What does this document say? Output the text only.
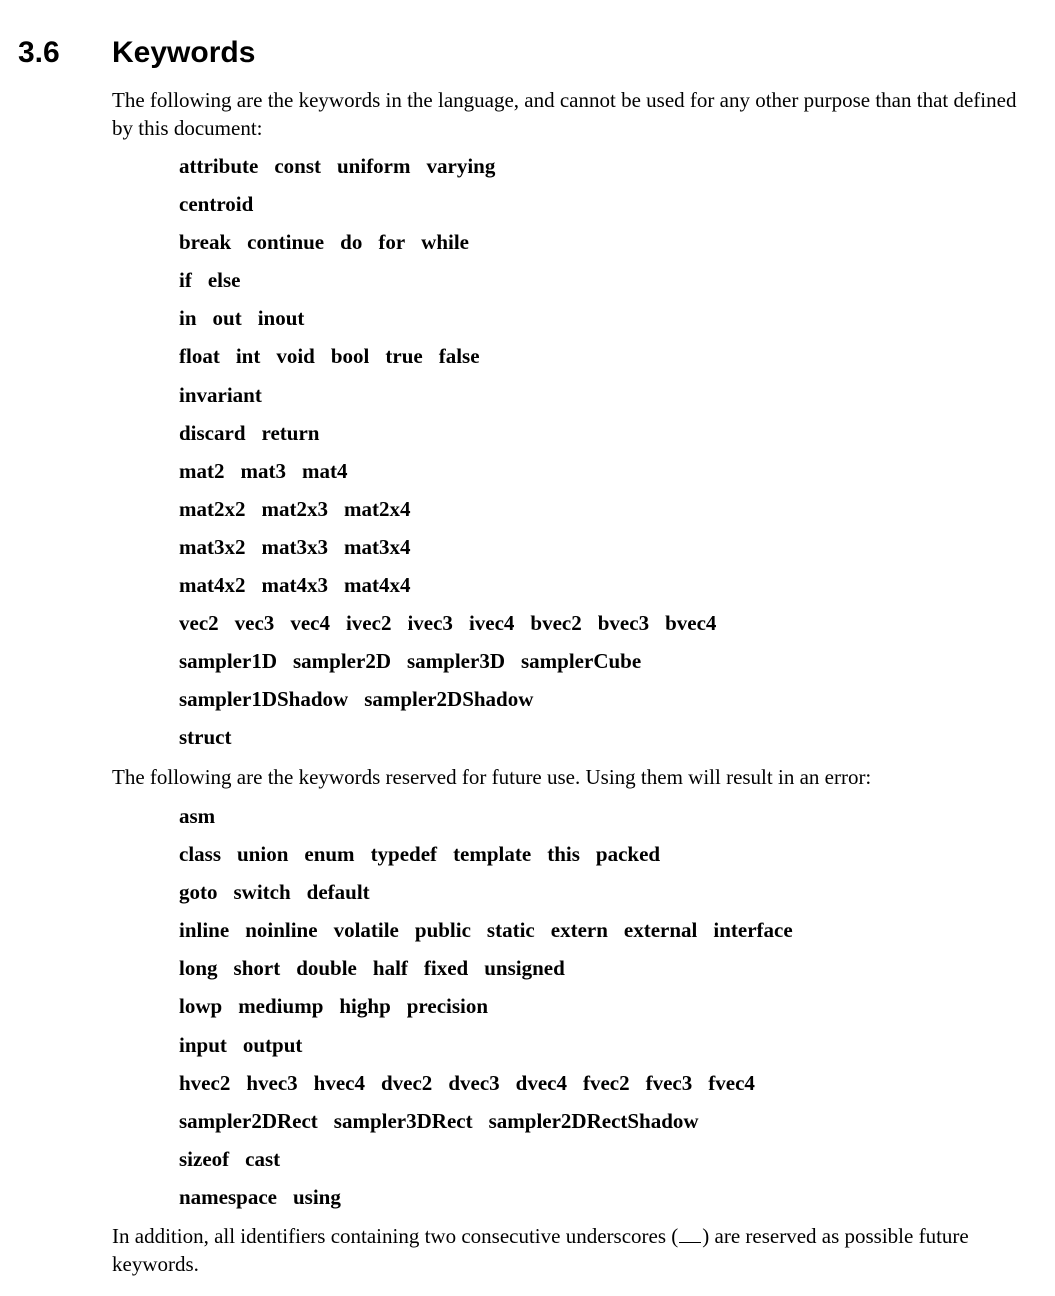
3.6 Keywords

The following are the keywords in the language, and cannot be used for any other purpose than that defined by this document:

attribute const uniform varying
centroid
break continue do for while
if else
in out inout
float int void bool true false
invariant
discard return
mat2 mat3 mat4
mat2x2 mat2x3 mat2x4
mat3x2 mat3x3 mat3x4
mat4x2 mat4x3 mat4x4
vec2 vec3 vec4 ivec2 ivec3 ivec4 bvec2 bvec3 bvec4
sampler1D sampler2D sampler3D samplerCube
sampler1DShadow sampler2DShadow
struct

The following are the keywords reserved for future use. Using them will result in an error:

asm
class union enum typedef template this packed
goto switch default
inline noinline volatile public static extern external interface
long short double half fixed unsigned
lowp mediump highp precision
input output
hvec2 hvec3 hvec4 dvec2 dvec3 dvec4 fvec2 fvec3 fvec4
sampler2DRect sampler3DRect sampler2DRectShadow
sizeof cast
namespace using

In addition, all identifiers containing two consecutive underscores ( ) are reserved as possible future keywords.
